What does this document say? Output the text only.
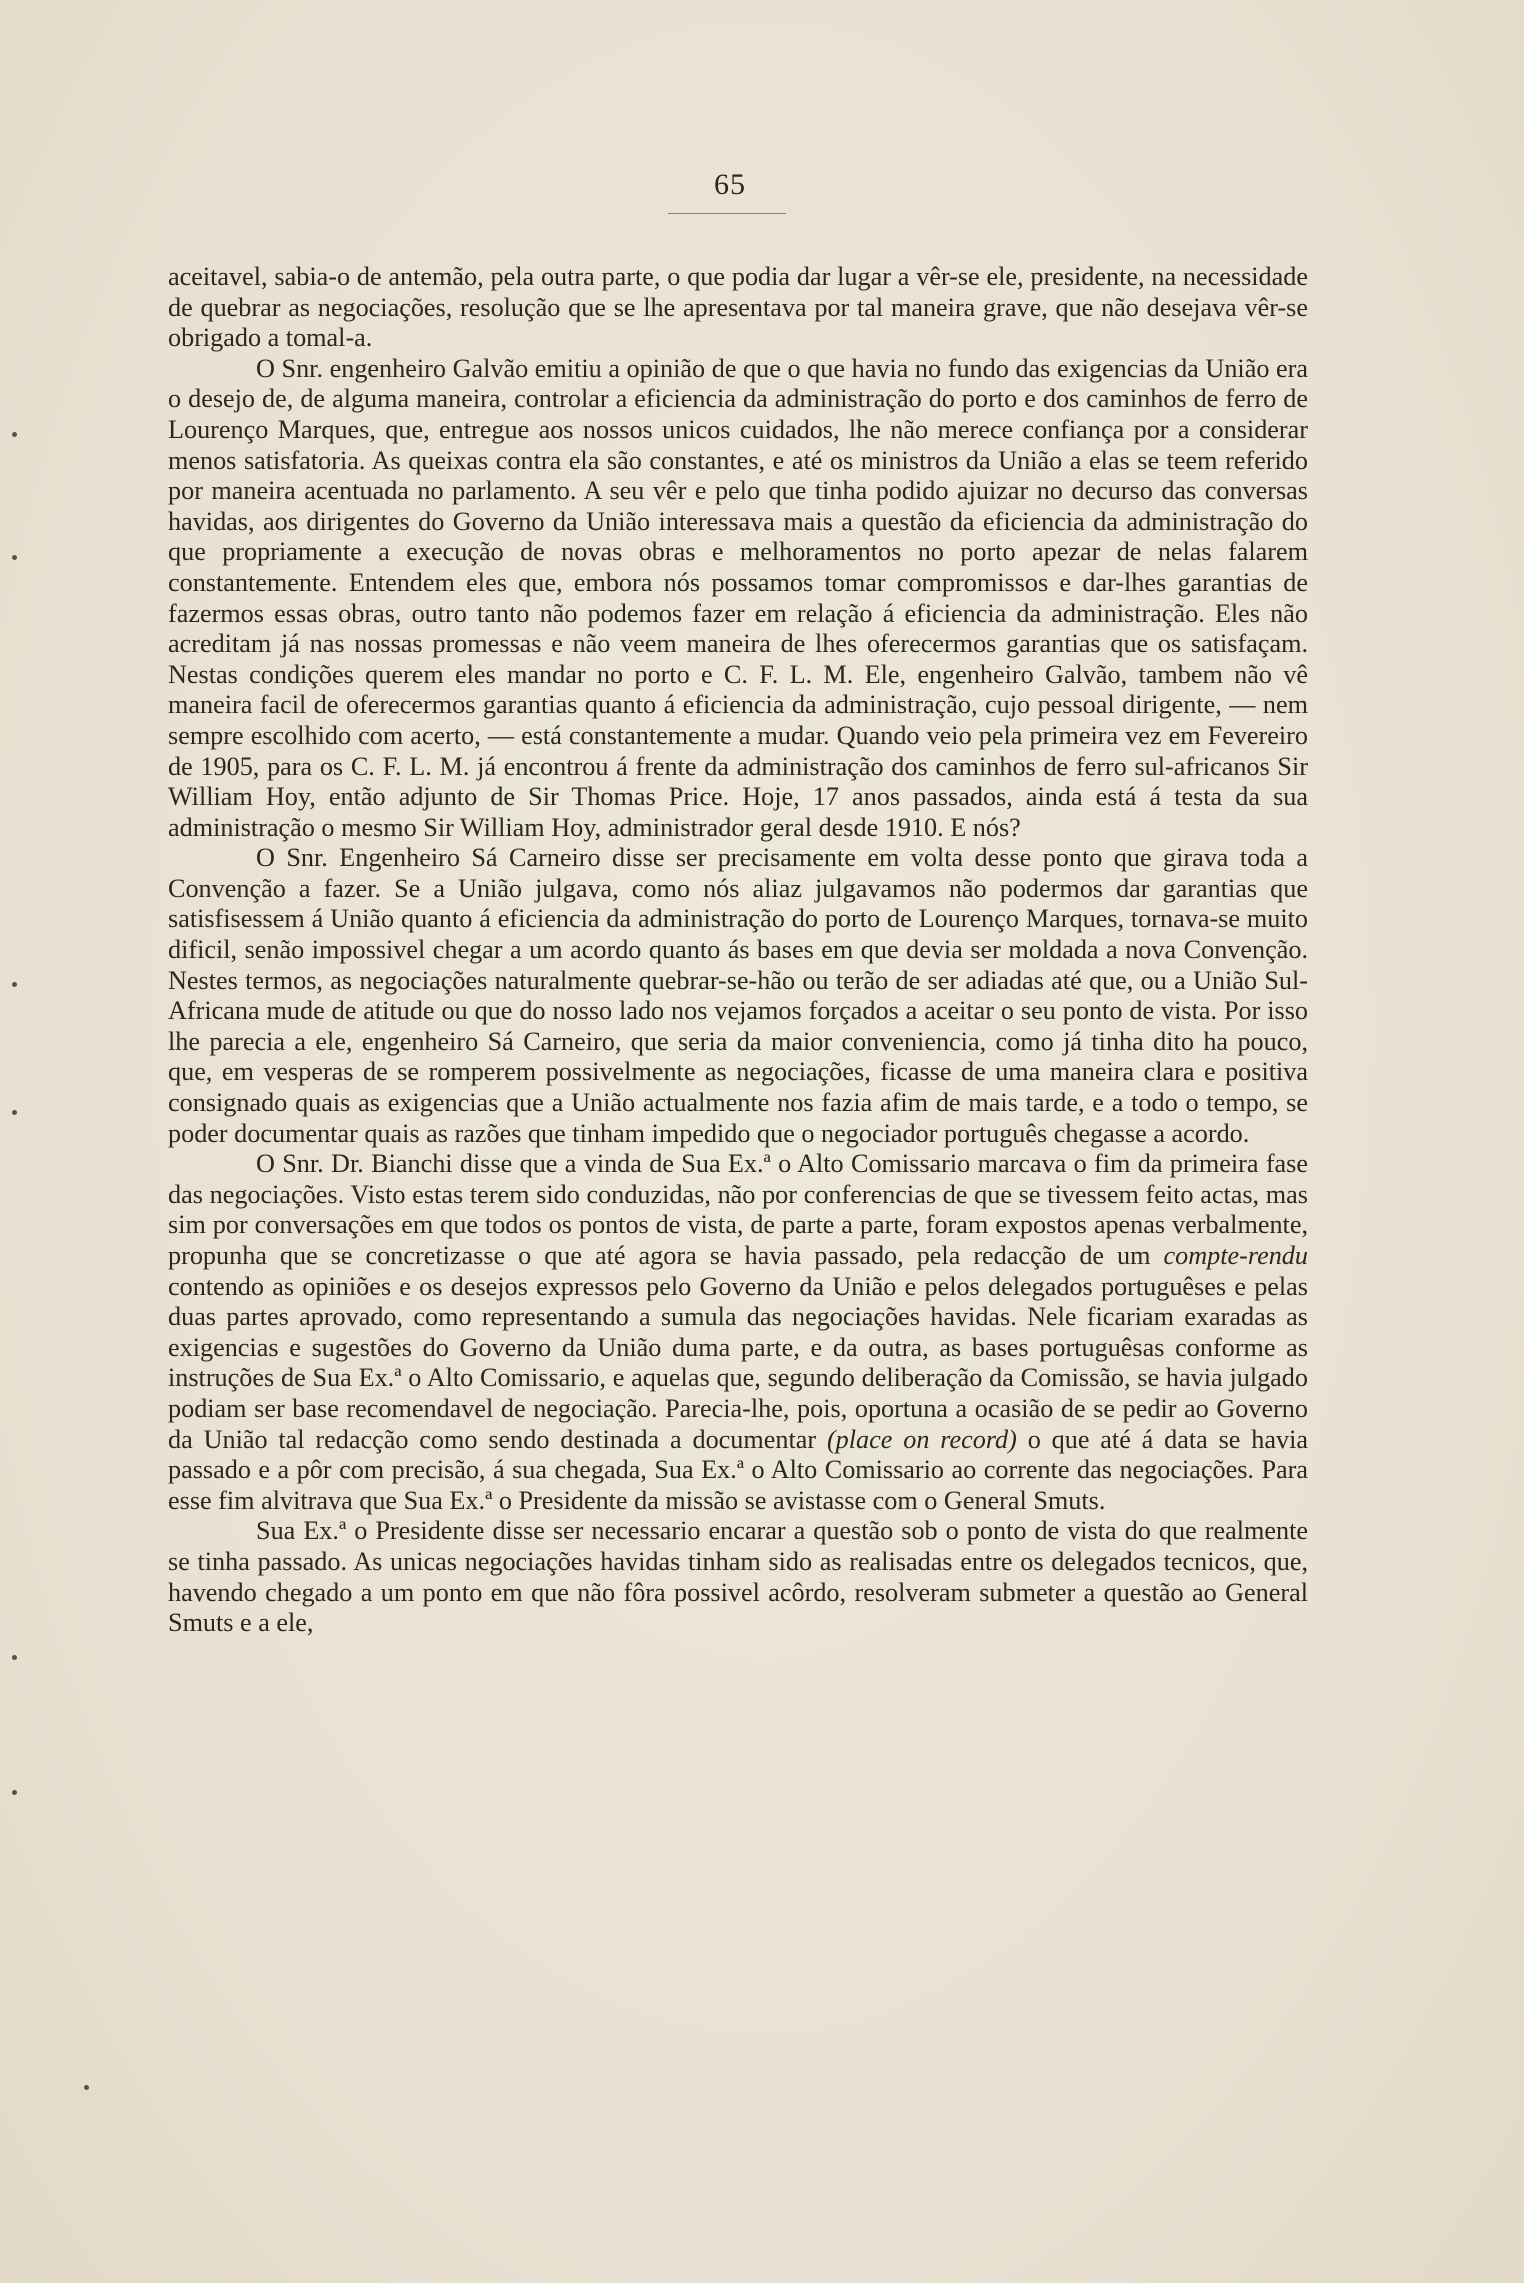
65

aceitavel, sabia-o de antemão, pela outra parte, o que podia dar lugar a vêr-se ele, presidente, na necessidade de quebrar as negociações, resolução que se lhe apresentava por tal maneira grave, que não desejava vêr-se obrigado a tomal-a.

O Snr. engenheiro Galvão emitiu a opinião de que o que havia no fundo das exigencias da União era o desejo de, de alguma maneira, controlar a eficiencia da administração do porto e dos caminhos de ferro de Lourenço Marques, que, entregue aos nossos unicos cuidados, lhe não merece confiança por a considerar menos satisfatoria. As queixas contra ela são constantes, e até os ministros da União a elas se teem referido por maneira acentuada no parlamento. A seu vêr e pelo que tinha podido ajuizar no decurso das conversas havidas, aos dirigentes do Governo da União interessava mais a questão da eficiencia da administração do que propriamente a execução de novas obras e melhoramentos no porto apezar de nelas falarem constantemente. Entendem eles que, embora nós possamos tomar compromissos e dar-lhes garantias de fazermos essas obras, outro tanto não podemos fazer em relação á eficiencia da administração. Eles não acreditam já nas nossas promessas e não veem maneira de lhes oferecermos garantias que os satisfaçam. Nestas condições querem eles mandar no porto e C. F. L. M. Ele, engenheiro Galvão, tambem não vê maneira facil de oferecermos garantias quanto á eficiencia da administração, cujo pessoal dirigente, — nem sempre escolhido com acerto, — está constantemente a mudar. Quando veio pela primeira vez em Fevereiro de 1905, para os C. F. L. M. já encontrou á frente da administração dos caminhos de ferro sul-africanos Sir William Hoy, então adjunto de Sir Thomas Price. Hoje, 17 anos passados, ainda está á testa da sua administração o mesmo Sir William Hoy, administrador geral desde 1910. E nós?

O Snr. Engenheiro Sá Carneiro disse ser precisamente em volta desse ponto que girava toda a Convenção a fazer. Se a União julgava, como nós aliaz julgavamos não podermos dar garantias que satisfisessem á União quanto á eficiencia da administração do porto de Lourenço Marques, tornava-se muito dificil, senão impossivel chegar a um acordo quanto ás bases em que devia ser moldada a nova Convenção. Nestes termos, as negociações naturalmente quebrar-se-hão ou terão de ser adiadas até que, ou a União Sul-Africana mude de atitude ou que do nosso lado nos vejamos forçados a aceitar o seu ponto de vista. Por isso lhe parecia a ele, engenheiro Sá Carneiro, que seria da maior conveniencia, como já tinha dito ha pouco, que, em vesperas de se romperem possivelmente as negociações, ficasse de uma maneira clara e positiva consignado quais as exigencias que a União actualmente nos fazia afim de mais tarde, e a todo o tempo, se poder documentar quais as razões que tinham impedido que o negociador português chegasse a acordo.

O Snr. Dr. Bianchi disse que a vinda de Sua Ex.ª o Alto Comissario marcava o fim da primeira fase das negociações. Visto estas terem sido conduzidas, não por conferencias de que se tivessem feito actas, mas sim por conversações em que todos os pontos de vista, de parte a parte, foram expostos apenas verbalmente, propunha que se concretizasse o que até agora se havia passado, pela redacção de um compte-rendu contendo as opiniões e os desejos expressos pelo Governo da União e pelos delegados portuguêses e pelas duas partes aprovado, como representando a sumula das negociações havidas. Nele ficariam exaradas as exigencias e sugestões do Governo da União duma parte, e da outra, as bases portuguêsas conforme as instruções de Sua Ex.ª o Alto Comissario, e aquelas que, segundo deliberação da Comissão, se havia julgado podiam ser base recomendavel de negociação. Parecia-lhe, pois, oportuna a ocasião de se pedir ao Governo da União tal redacção como sendo destinada a documentar (place on record) o que até á data se havia passado e a pôr com precisão, á sua chegada, Sua Ex.ª o Alto Comissario ao corrente das negociações. Para esse fim alvitrava que Sua Ex.ª o Presidente da missão se avistasse com o General Smuts.

Sua Ex.ª o Presidente disse ser necessario encarar a questão sob o ponto de vista do que realmente se tinha passado. As unicas negociações havidas tinham sido as realisadas entre os delegados tecnicos, que, havendo chegado a um ponto em que não fôra possivel acôrdo, resolveram submeter a questão ao General Smuts e a ele,
